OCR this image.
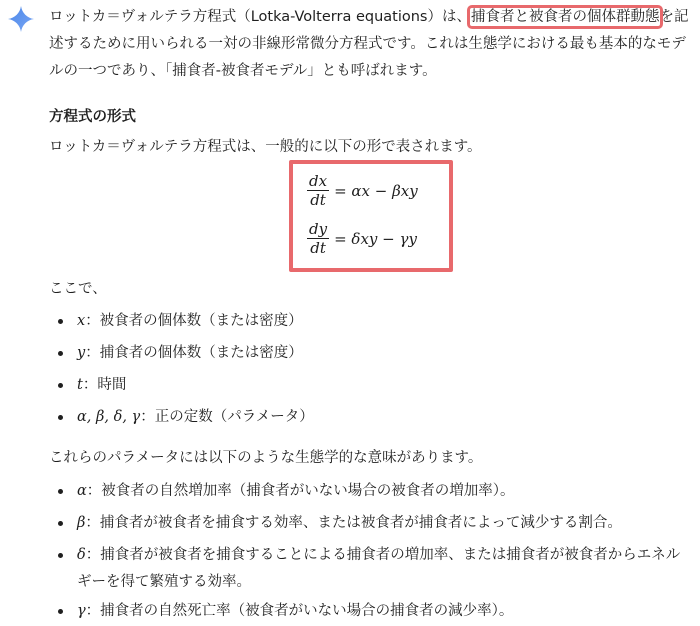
ロットカ＝ヴォルテラ方程式（Lotka-Volterra equations）は、捕食者と被食者の個体群動態を記述するために用いられる一対の非線形常微分方程式です。これは生態学における最も基本的なモデルの一つであり、「捕食者-被食者モデル」とも呼ばれます。

方程式の形式

ロットカ＝ヴォルテラ方程式は、一般的に以下の形で表されます。

$\frac{dx}{dt} = \alpha x - \beta xy$
$\frac{dy}{dt} = \delta xy - \gamma y$

ここで、

x：被食者の個体数（または密度）
y：捕食者の個体数（または密度）
t：時間
α, β, δ, γ：正の定数（パラメータ）

これらのパラメータには以下のような生態学的な意味があります。

α：被食者の自然増加率（捕食者がいない場合の被食者の増加率）。
β：捕食者が被食者を捕食する効率、または被食者が捕食者によって減少する割合。
δ：捕食者が被食者を捕食することによる捕食者の増加率、または捕食者が被食者からエネルギーを得て繁殖する効率。
γ：捕食者の自然死亡率（被食者がいない場合の捕食者の減少率）。
